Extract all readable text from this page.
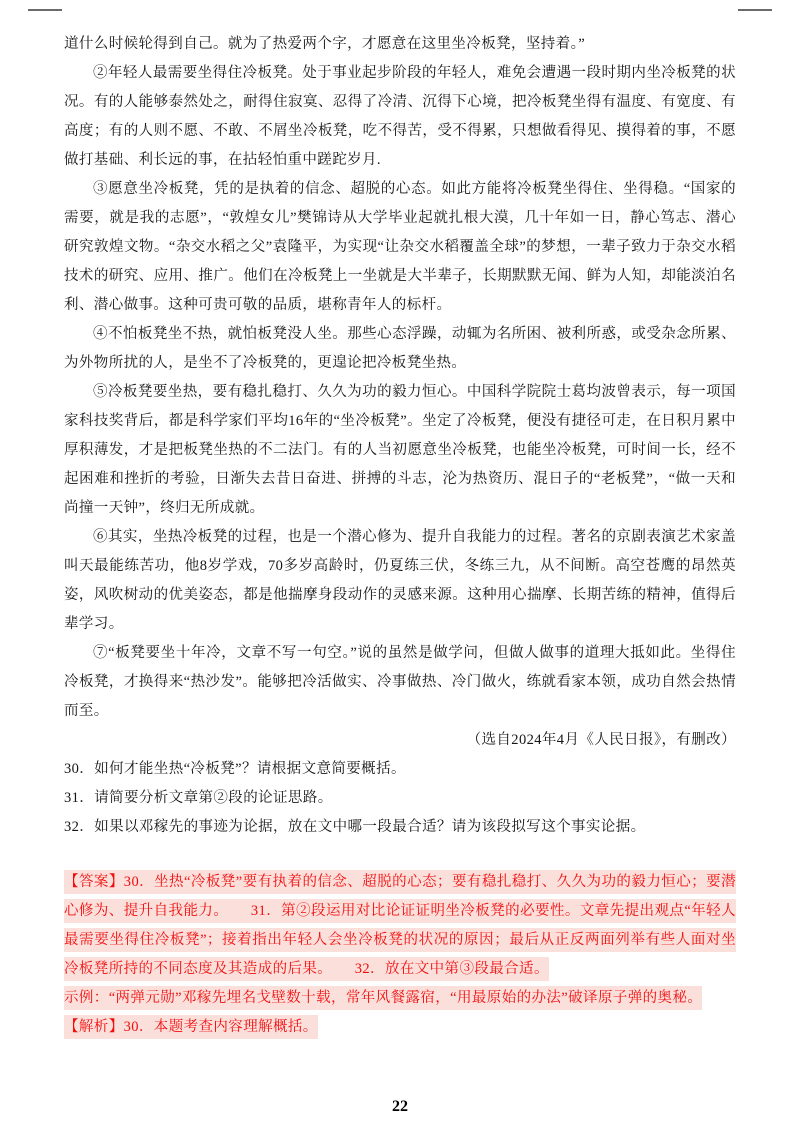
道什么时候轮得到自己。就为了热爱两个字，才愿意在这里坐冷板凳，坚持着。”

②年轻人最需要坐得住冷板凳。处于事业起步阶段的年轻人，难免会遭遇一段时期内坐冷板凳的状况。有的人能够泰然处之，耐得住寂寞、忍得了冷清、沉得下心境，把冷板凳坐得有温度、有宽度、有高度；有的人则不愿、不敢、不屑坐冷板凳，吃不得苦，受不得累，只想做看得见、摸得着的事，不愿做打基础、利长远的事，在拈轻怕重中蹉跎岁月.

③愿意坐冷板凳，凭的是执着的信念、超脱的心态。如此方能将冷板凳坐得住、坐得稳。“国家的需要，就是我的志愿”，“敦煌女儿”樊锦诗从大学毕业起就扎根大漠，几十年如一日，静心笃志、潜心研究敦煌文物。“杂交水稻之父”袁隆平，为实现“让杂交水稻覆盖全球”的梦想，一辈子致力于杂交水稻技术的研究、应用、推广。他们在冷板凳上一坐就是大半辈子，长期默默无闻、鲜为人知，却能淡泊名利、潜心做事。这种可贵可敬的品质，堪称青年人的标杆。

④不怕板凳坐不热，就怕板凳没人坐。那些心态浮躁，动辄为名所困、被利所惑，或受杂念所累、为外物所扰的人，是坐不了冷板凳的，更遑论把冷板凳坐热。

⑤冷板凳要坐热，要有稳扎稳打、久久为功的毅力恒心。中国科学院院士葛均波曾表示，每一项国家科技奖背后，都是科学家们平均16年的“坐冷板凳”。坐定了冷板凳，便没有捷径可走，在日积月累中厚积薄发，才是把板凳坐热的不二法门。有的人当初愿意坐冷板凳，也能坐冷板凳，可时间一长，经不起困难和挫折的考验，日渐失去昔日奋进、拼搏的斗志，沦为热资历、混日子的“老板凳”，“做一天和尚撞一天钟”，终归无所成就。

⑥其实，坐热冷板凳的过程，也是一个潜心修为、提升自我能力的过程。著名的京剧表演艺术家盖叫天最能练苦功，他8岁学戏，70多岁高龄时，仍夏练三伏，冬练三九，从不间断。高空苍鹰的昂然英姿，风吹树动的优美姿态，都是他揣摩身段动作的灵感来源。这种用心揣摩、长期苦练的精神，值得后辈学习。

⑦“板凳要坐十年冷，文章不写一句空。”说的虽然是做学问，但做人做事的道理大抵如此。坐得住冷板凳，才换得来“热沙发”。能够把冷活做实、冷事做热、冷门做火，练就看家本领，成功自然会热情而至。

（选自2024年4月《人民日报》，有删改）

30．如何才能坐热“冷板凳”？请根据文意简要概括。

31．请简要分析文章第②段的论证思路。

32．如果以邓稼先的事迹为论据，放在文中哪一段最合适？请为该段拟写这个事实论据。

【答案】30．坐热“冷板凳”要有执着的信念、超脱的心态；要有稳扎稳打、久久为功的毅力恒心；要潜心修为、提升自我能力。　　31．第②段运用对比论证证明坐冷板凳的必要性。文章先提出观点“年轻人最需要坐得住冷板凳”；接着指出年轻人会坐冷板凳的状况的原因；最后从正反两面列举有些人面对坐冷板凳所持的不同态度及其造成的后果。　　32．放在文中第③段最合适。

示例：“两弹元勋”邓稼先埋名戈壁数十载，常年风餐露宿，“用最原始的办法”破译原子弹的奥秘。

【解析】30．本题考查内容理解概括。

22
